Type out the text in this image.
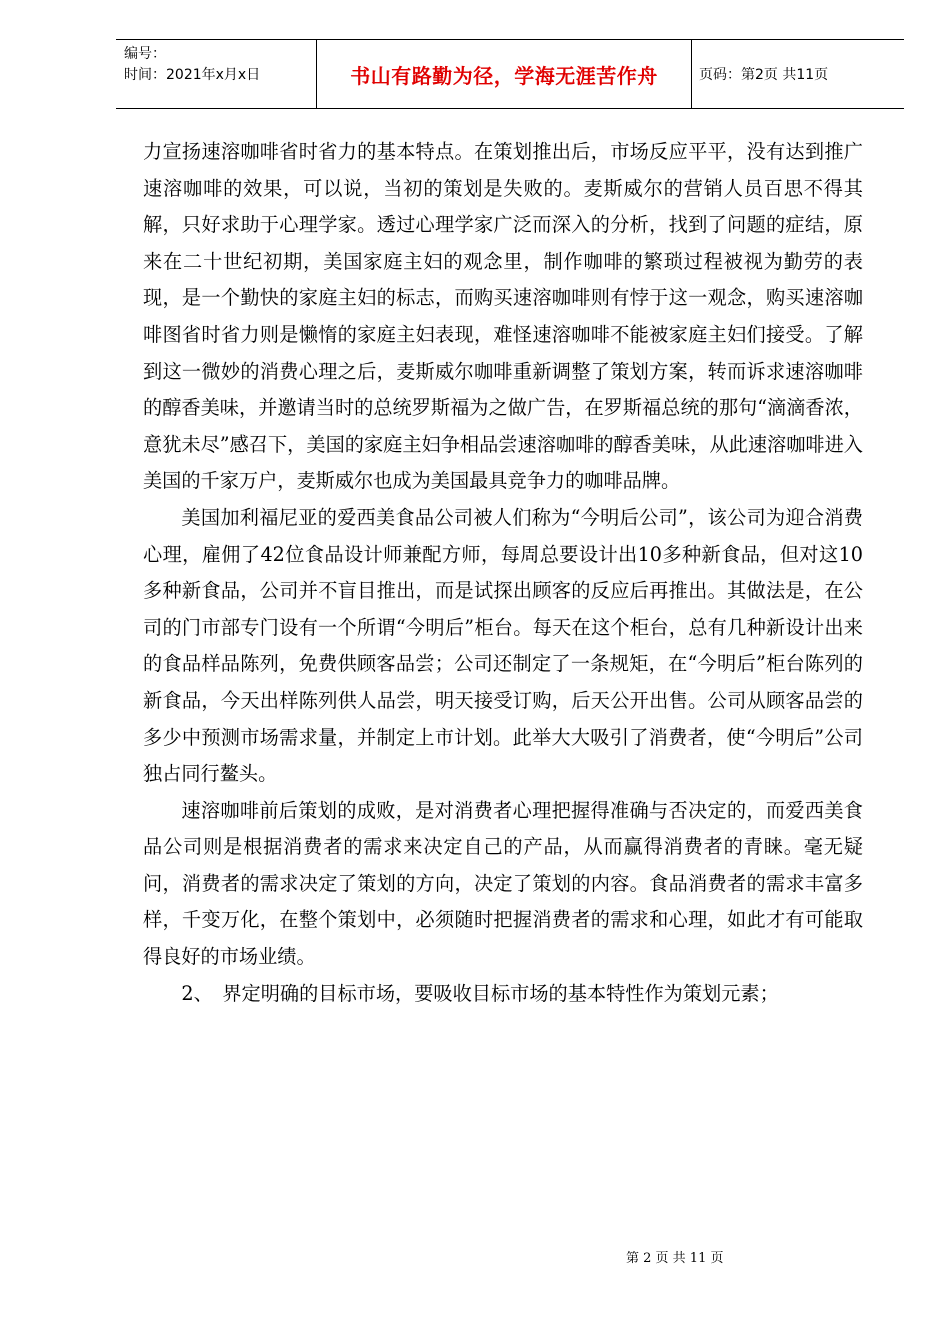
编号：
时间：2021年x月x日	书山有路勤为径，学海无涯苦作舟	页码：第2页 共11页

力宣扬速溶咖啡省时省力的基本特点。在策划推出后，市场反应平平，没有达到推广速溶咖啡的效果，可以说，当初的策划是失败的。麦斯威尔的营销人员百思不得其解，只好求助于心理学家。透过心理学家广泛而深入的分析，找到了问题的症结，原来在二十世纪初期，美国家庭主妇的观念里，制作咖啡的繁琐过程被视为勤劳的表现，是一个勤快的家庭主妇的标志，而购买速溶咖啡则有悖于这一观念，购买速溶咖啡图省时省力则是懒惰的家庭主妇表现，难怪速溶咖啡不能被家庭主妇们接受。了解到这一微妙的消费心理之后，麦斯威尔咖啡重新调整了策划方案，转而诉求速溶咖啡的醇香美味，并邀请当时的总统罗斯福为之做广告，在罗斯福总统的那句“滴滴香浓，意犹未尽”感召下，美国的家庭主妇争相品尝速溶咖啡的醇香美味，从此速溶咖啡进入美国的千家万户，麦斯威尔也成为美国最具竞争力的咖啡品牌。

美国加利福尼亚的爱西美食品公司被人们称为“今明后公司”，该公司为迎合消费心理，雇佣了42位食品设计师兼配方师，每周总要设计出10多种新食品，但对这10多种新食品，公司并不盲目推出，而是试探出顾客的反应后再推出。其做法是，在公司的门市部专门设有一个所谓“今明后”柜台。每天在这个柜台，总有几种新设计出来的食品样品陈列，免费供顾客品尝；公司还制定了一条规矩，在“今明后”柜台陈列的新食品，今天出样陈列供人品尝，明天接受订购，后天公开出售。公司从顾客品尝的多少中预测市场需求量，并制定上市计划。此举大大吸引了消费者，使“今明后”公司独占同行鳌头。

速溶咖啡前后策划的成败，是对消费者心理把握得准确与否决定的，而爱西美食品公司则是根据消费者的需求来决定自己的产品，从而赢得消费者的青睐。毫无疑问，消费者的需求决定了策划的方向，决定了策划的内容。食品消费者的需求丰富多样，千变万化，在整个策划中，必须随时把握消费者的需求和心理，如此才有可能取得良好的市场业绩。

2、　界定明确的目标市场，要吸收目标市场的基本特性作为策划元素；

第 2 页 共 11 页
